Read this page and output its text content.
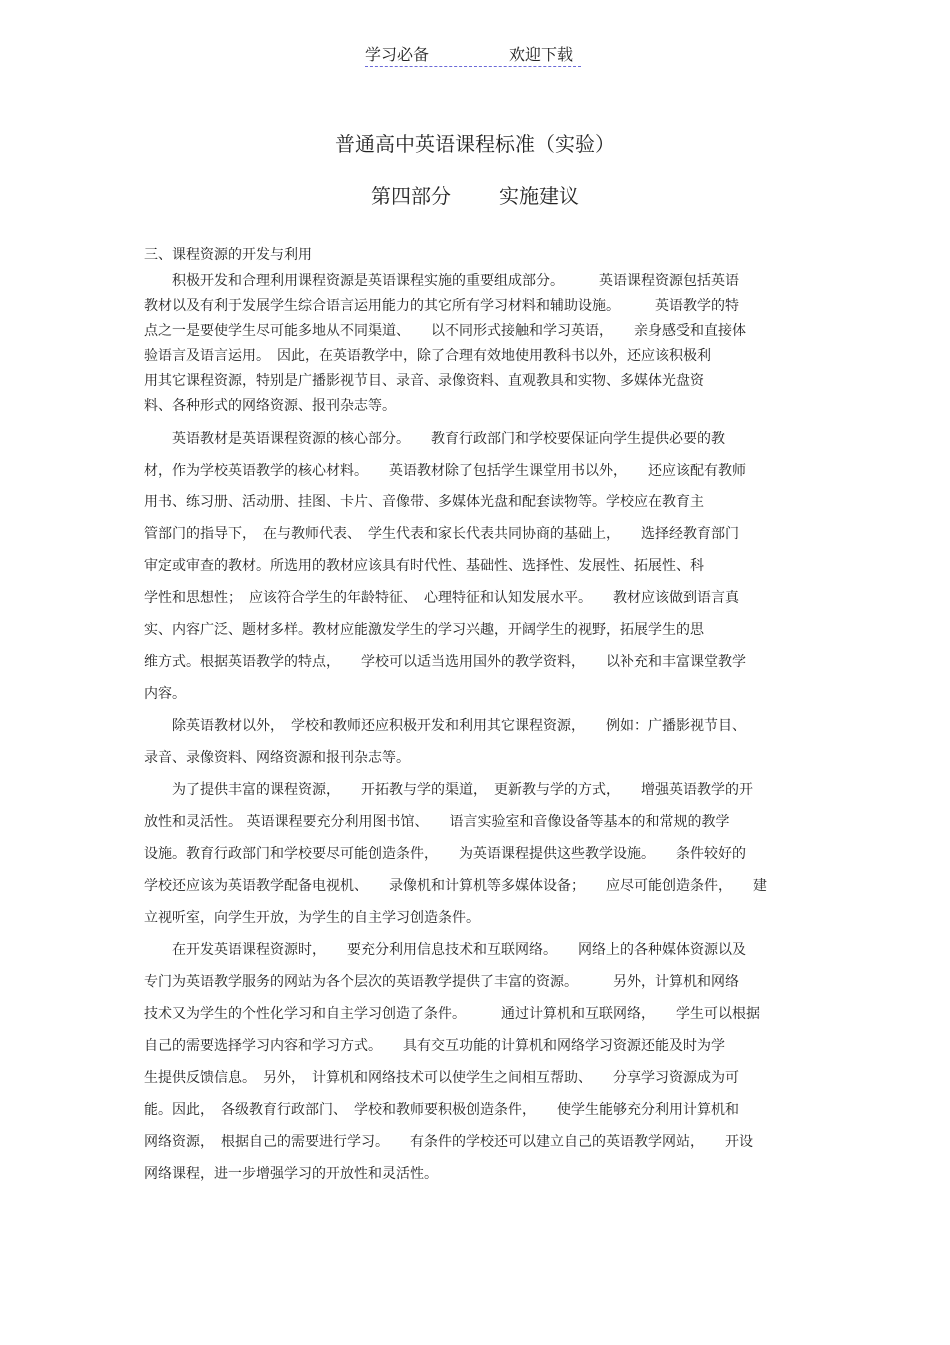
学习必备	欢迎下载
普通高中英语课程标准（实验）
第四部分 实施建议
三、课程资源的开发与利用
　　积极开发和合理利用课程资源是英语课程实施的重要组成部分。　　　英语课程资源包括英语
教材以及有利于发展学生综合语言运用能力的其它所有学习材料和辅助设施。　　　英语教学的特
点之一是要使学生尽可能多地从不同渠道、　　以不同形式接触和学习英语，　　亲身感受和直接体
验语言及语言运用。　因此，在英语教学中，除了合理有效地使用教科书以外，还应该积极利
用其它课程资源，特别是广播影视节目、录音、录像资料、直观教具和实物、多媒体光盘资
料、各种形式的网络资源、报刊杂志等。
　　英语教材是英语课程资源的核心部分。　　教育行政部门和学校要保证向学生提供必要的教
材，作为学校英语教学的核心材料。　　英语教材除了包括学生课堂用书以外，　　还应该配有教师
用书、练习册、活动册、挂图、卡片、音像带、多媒体光盘和配套读物等。学校应在教育主
管部门的指导下，　在与教师代表、　学生代表和家长代表共同协商的基础上，　　选择经教育部门
审定或审查的教材。所选用的教材应该具有时代性、基础性、选择性、发展性、拓展性、科
学性和思想性；　应该符合学生的年龄特征、　心理特征和认知发展水平。　　教材应该做到语言真
实、内容广泛、题材多样。教材应能激发学生的学习兴趣，开阔学生的视野，拓展学生的思
维方式。根据英语教学的特点，　　学校可以适当选用国外的教学资料，　　以补充和丰富课堂教学
内容。
　　除英语教材以外，　学校和教师还应积极开发和利用其它课程资源，　　例如：广播影视节目、
录音、录像资料、网络资源和报刊杂志等。
　　为了提供丰富的课程资源，　　开拓教与学的渠道，　更新教与学的方式，　　增强英语教学的开
放性和灵活性。 英语课程要充分利用图书馆、　　语言实验室和音像设备等基本的和常规的教学
设施。教育行政部门和学校要尽可能创造条件，　　为英语课程提供这些教学设施。　　条件较好的
学校还应该为英语教学配备电视机、　　录像机和计算机等多媒体设备；　　应尽可能创造条件，　　建
立视听室，向学生开放，为学生的自主学习创造条件。
　　在开发英语课程资源时，　　要充分利用信息技术和互联网络。　　网络上的各种媒体资源以及
专门为英语教学服务的网站为各个层次的英语教学提供了丰富的资源。　　　另外，计算机和网络
技术又为学生的个性化学习和自主学习创造了条件。　　　通过计算机和互联网络，　　学生可以根据
自己的需要选择学习内容和学习方式。　　具有交互功能的计算机和网络学习资源还能及时为学
生提供反馈信息。　另外，　计算机和网络技术可以使学生之间相互帮助、　　分享学习资源成为可
能。因此，　各级教育行政部门、　学校和教师要积极创造条件，　　使学生能够充分利用计算机和
网络资源，　根据自己的需要进行学习。　　有条件的学校还可以建立自己的英语教学网站，　　开设
网络课程，进一步增强学习的开放性和灵活性。
